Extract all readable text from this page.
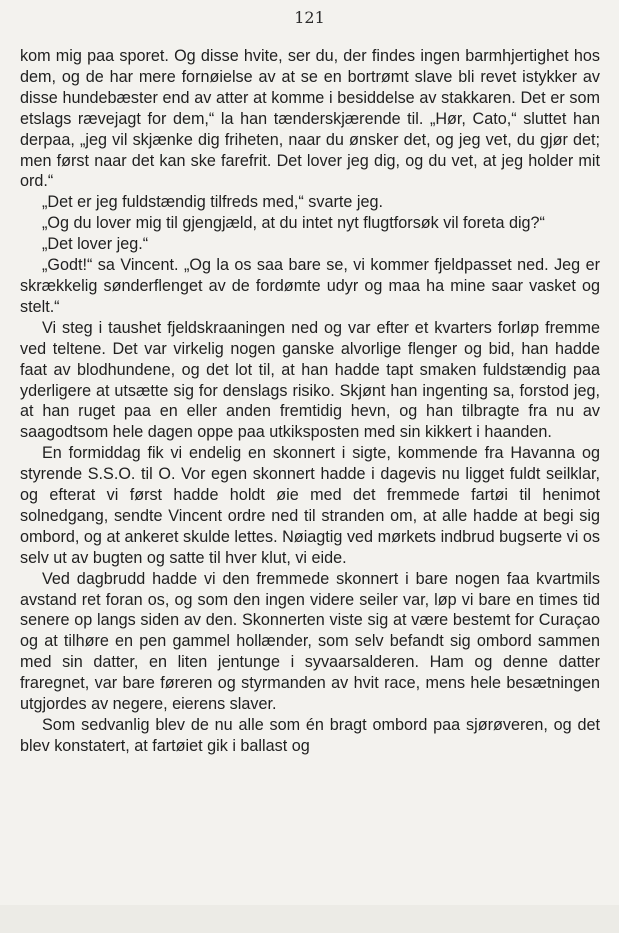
121

kom mig paa sporet. Og disse hvite, ser du, der findes ingen barmhjertighet hos dem, og de har mere fornøielse av at se en bortrømt slave bli revet istykker av disse hundebæster end av atter at komme i besiddelse av stakkaren. Det er som etslags rævejagt for dem,“ la han tænderskjærende til. „Hør, Cato,“ sluttet han derpaa, „jeg vil skjænke dig friheten, naar du ønsker det, og jeg vet, du gjør det; men først naar det kan ske farefrit. Det lover jeg dig, og du vet, at jeg holder mit ord.“

„Det er jeg fuldstændig tilfreds med,“ svarte jeg.

„Og du lover mig til gjengjæld, at du intet nyt flugtforsøk vil foreta dig?“

„Det lover jeg.“

„Godt!“ sa Vincent. „Og la os saa bare se, vi kommer fjeldpasset ned. Jeg er skrækkelig sønderflenget av de fordømte udyr og maa ha mine saar vasket og stelt.“

Vi steg i taushet fjeldskraaningen ned og var efter et kvarters forløp fremme ved teltene. Det var virkelig nogen ganske alvorlige flenger og bid, han hadde faat av blodhundene, og det lot til, at han hadde tapt smaken fuldstændig paa yderligere at utsætte sig for denslags risiko. Skjønt han ingenting sa, forstod jeg, at han ruget paa en eller anden fremtidig hevn, og han tilbragte fra nu av saagodtsom hele dagen oppe paa utkiksposten med sin kikkert i haanden.

En formiddag fik vi endelig en skonnert i sigte, kommende fra Havanna og styrende S.S.O. til O. Vor egen skonnert hadde i dagevis nu ligget fuldt seilklar, og efterat vi først hadde holdt øie med det fremmede fartøi til henimot solnedgang, sendte Vincent ordre ned til stranden om, at alle hadde at begi sig ombord, og at ankeret skulde lettes. Nøiagtig ved mørkets indbrud bugserte vi os selv ut av bugten og satte til hver klut, vi eide.

Ved dagbrudd hadde vi den fremmede skonnert i bare nogen faa kvartmils avstand ret foran os, og som den ingen videre seiler var, løp vi bare en times tid senere op langs siden av den. Skonnerten viste sig at være bestemt for Curaçao og at tilhøre en pen gammel hollænder, som selv befandt sig ombord sammen med sin datter, en liten jentunge i syvaarsalderen. Ham og denne datter fraregnet, var bare føreren og styrmanden av hvit race, mens hele besætningen utgjordes av negere, eierens slaver.

Som sedvanlig blev de nu alle som én bragt ombord paa sjørøveren, og det blev konstatert, at fartøiet gik i ballast og
